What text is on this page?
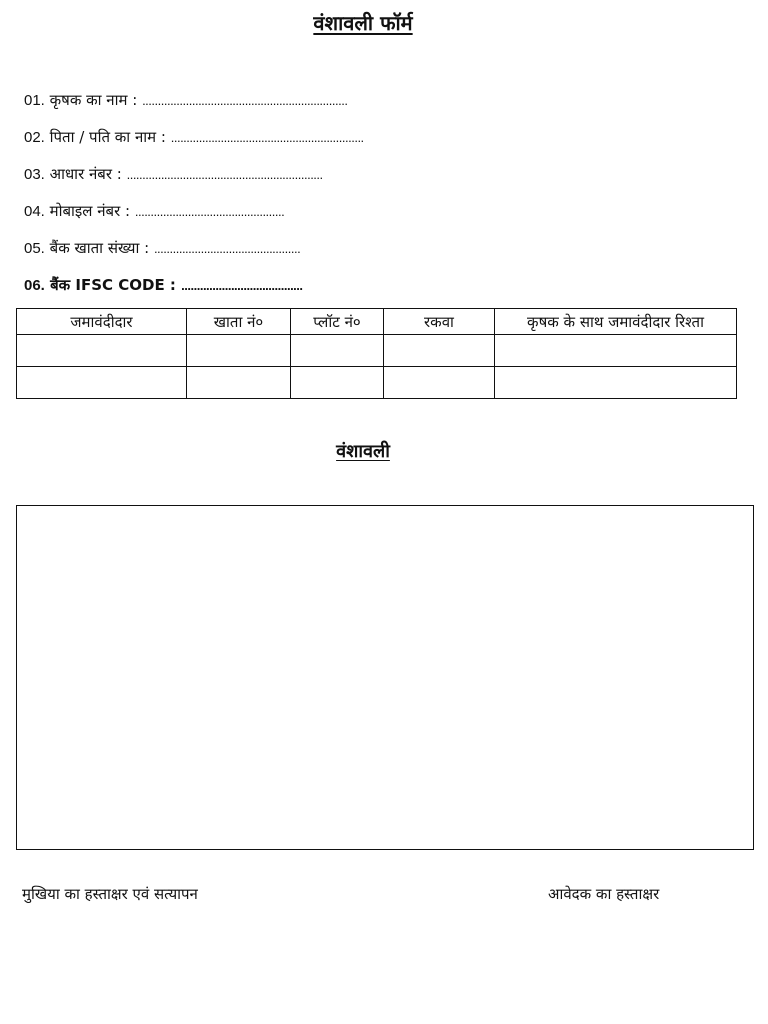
वंशावली फॉर्म
01. कृषक का नाम : ..................................................................
02. पिता / पति का नाम : ..............................................................
03. आधार नंबर : ...............................................................
04. मोबाइल नंबर : ................................................
05. बैंक खाता संख्या : ...............................................
06. बैंक IFSC CODE : .......................................
जमावंदीदार	खाता नं०	प्लॉट नं०	रकवा	कृषक के साथ जमावंदीदार रिश्ता

वंशावली
मुखिया का हस्ताक्षर एवं सत्यापन	आवेदक का हस्ताक्षर
